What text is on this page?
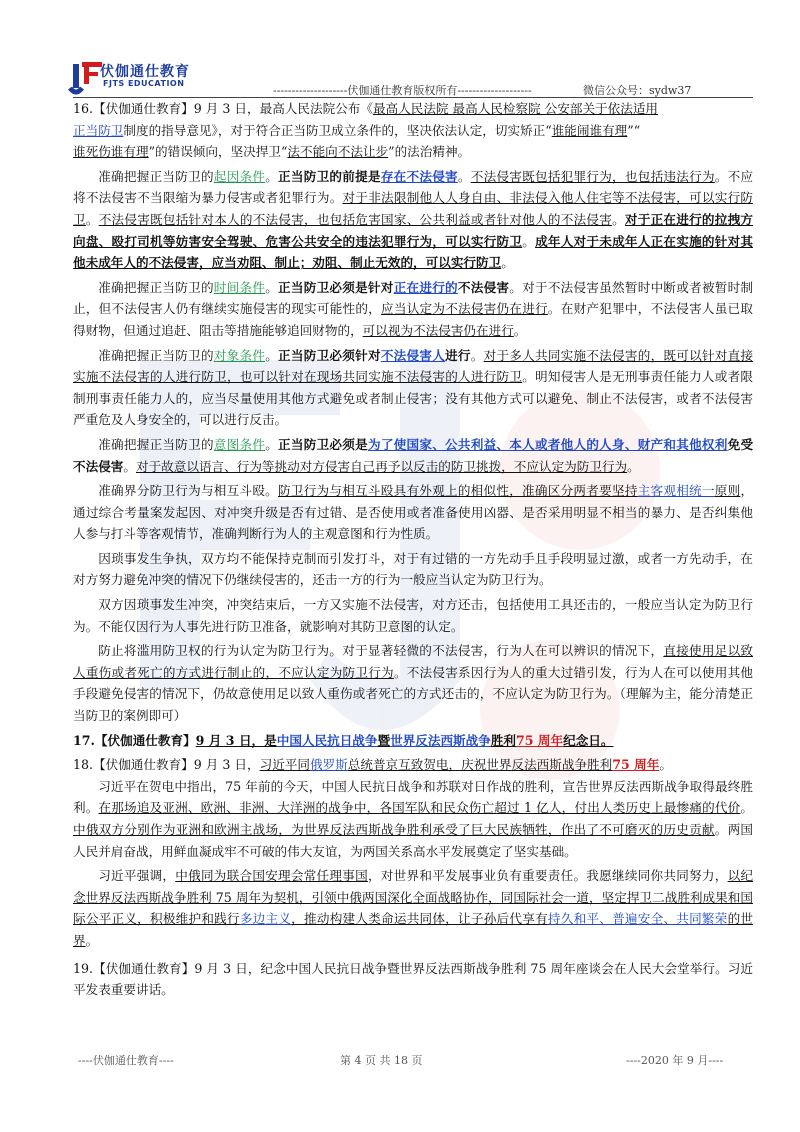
伏伽通仕教育
FJTS EDUCATION
--------------------伏伽通仕教育版权所有--------------------	微信公众号：sydw37

16.【伏伽通仕教育】9 月 3 日，最高人民法院公布《最高人民法院 最高人民检察院 公安部关于依法适用
正当防卫制度的指导意见》，对于符合正当防卫成立条件的，坚决依法认定，切实矫正“谁能闹谁有理”“
谁死伤谁有理”的错误倾向，坚决捍卫“法不能向不法让步”的法治精神。

准确把握正当防卫的起因条件。正当防卫的前提是存在不法侵害。不法侵害既包括犯罪行为，也包括违法行为。不应将不法侵害不当限缩为暴力侵害或者犯罪行为。对于非法限制他人人身自由、非法侵入他人住宅等不法侵害，可以实行防卫。不法侵害既包括针对本人的不法侵害，也包括危害国家、公共利益或者针对他人的不法侵害。对于正在进行的拉拽方向盘、殴打司机等妨害安全驾驶、危害公共安全的违法犯罪行为，可以实行防卫。成年人对于未成年人正在实施的针对其他未成年人的不法侵害，应当劝阻、制止；劝阻、制止无效的，可以实行防卫。

准确把握正当防卫的时间条件。正当防卫必须是针对正在进行的不法侵害。对于不法侵害虽然暂时中断或者被暂时制止，但不法侵害人仍有继续实施侵害的现实可能性的，应当认定为不法侵害仍在进行。在财产犯罪中，不法侵害人虽已取得财物，但通过追赶、阻击等措施能够追回财物的，可以视为不法侵害仍在进行。

准确把握正当防卫的对象条件。正当防卫必须针对不法侵害人进行。对于多人共同实施不法侵害的，既可以针对直接实施不法侵害的人进行防卫，也可以针对在现场共同实施不法侵害的人进行防卫。明知侵害人是无刑事责任能力人或者限制刑事责任能力人的，应当尽量使用其他方式避免或者制止侵害；没有其他方式可以避免、制止不法侵害，或者不法侵害严重危及人身安全的，可以进行反击。

准确把握正当防卫的意图条件。正当防卫必须是为了使国家、公共利益、本人或者他人的人身、财产和其他权利免受不法侵害。对于故意以语言、行为等挑动对方侵害自己再予以反击的防卫挑拨，不应认定为防卫行为。

准确界分防卫行为与相互斗殴。防卫行为与相互斗殴具有外观上的相似性，准确区分两者要坚持主客观相统一原则，通过综合考量案发起因、对冲突升级是否有过错、是否使用或者准备使用凶器、是否采用明显不相当的暴力、是否纠集他人参与打斗等客观情节，准确判断行为人的主观意图和行为性质。

因琐事发生争执，双方均不能保持克制而引发打斗，对于有过错的一方先动手且手段明显过激，或者一方先动手，在对方努力避免冲突的情况下仍继续侵害的，还击一方的行为一般应当认定为防卫行为。

双方因琐事发生冲突，冲突结束后，一方又实施不法侵害，对方还击，包括使用工具还击的，一般应当认定为防卫行为。不能仅因行为人事先进行防卫准备，就影响对其防卫意图的认定。

防止将滥用防卫权的行为认定为防卫行为。对于显著轻微的不法侵害，行为人在可以辨识的情况下，直接使用足以致人重伤或者死亡的方式进行制止的，不应认定为防卫行为。不法侵害系因行为人的重大过错引发，行为人在可以使用其他手段避免侵害的情况下，仍故意使用足以致人重伤或者死亡的方式还击的，不应认定为防卫行为。（理解为主，能分清楚正当防卫的案例即可）

17.【伏伽通仕教育】9 月 3 日，是中国人民抗日战争暨世界反法西斯战争胜利75 周年纪念日。

18.【伏伽通仕教育】9 月 3 日，习近平同俄罗斯总统普京互致贺电，庆祝世界反法西斯战争胜利75 周年。

习近平在贺电中指出，75 年前的今天，中国人民抗日战争和苏联对日作战的胜利，宣告世界反法西斯战争取得最终胜利。在那场追及亚洲、欧洲、非洲、大洋洲的战争中，各国军队和民众伤亡超过 1 亿人，付出人类历史上最惨痛的代价。中俄双方分别作为亚洲和欧洲主战场，为世界反法西斯战争胜利承受了巨大民族牺牲，作出了不可磨灭的历史贡献。两国人民并肩奋战，用鲜血凝成牢不可破的伟大友谊，为两国关系高水平发展奠定了坚实基础。

习近平强调，中俄同为联合国安理会常任理事国，对世界和平发展事业负有重要责任。我愿继续同你共同努力，以纪念世界反法西斯战争胜利 75 周年为契机，引领中俄两国深化全面战略协作，同国际社会一道，坚定捍卫二战胜利成果和国际公平正义，积极维护和践行多边主义，推动构建人类命运共同体，让子孙后代享有持久和平、普遍安全、共同繁荣的世界。

19.【伏伽通仕教育】9 月 3 日，纪念中国人民抗日战争暨世界反法西斯战争胜利 75 周年座谈会在人民大会堂举行。习近平发表重要讲话。

----伏伽通仕教育----	第 4 页 共 18 页	----2020 年 9 月----
